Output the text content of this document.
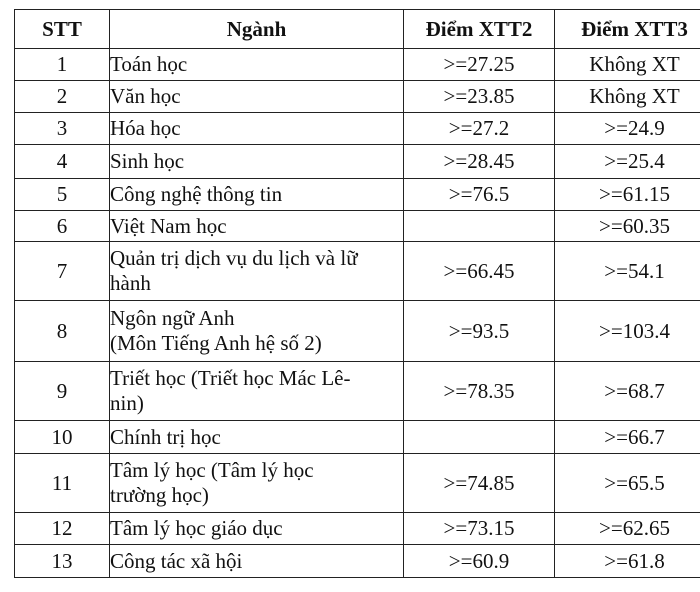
STT	Ngành	Điểm XTT2	Điểm XTT3
1	Toán học	>=27.25	Không XT
2	Văn học	>=23.85	Không XT
3	Hóa học	>=27.2	>=24.9
4	Sinh học	>=28.45	>=25.4
5	Công nghệ thông tin	>=76.5	>=61.15
6	Việt Nam học		>=60.35
7	Quản trị dịch vụ du lịch và lữ
hành	>=66.45	>=54.1
8	Ngôn ngữ Anh
(Môn Tiếng Anh hệ số 2)	>=93.5	>=103.4
9	Triết học (Triết học Mác Lê-
nin)	>=78.35	>=68.7
10	Chính trị học		>=66.7
11	Tâm lý học (Tâm lý học
trường học)	>=74.85	>=65.5
12	Tâm lý học giáo dục	>=73.15	>=62.65
13	Công tác xã hội	>=60.9	>=61.8
